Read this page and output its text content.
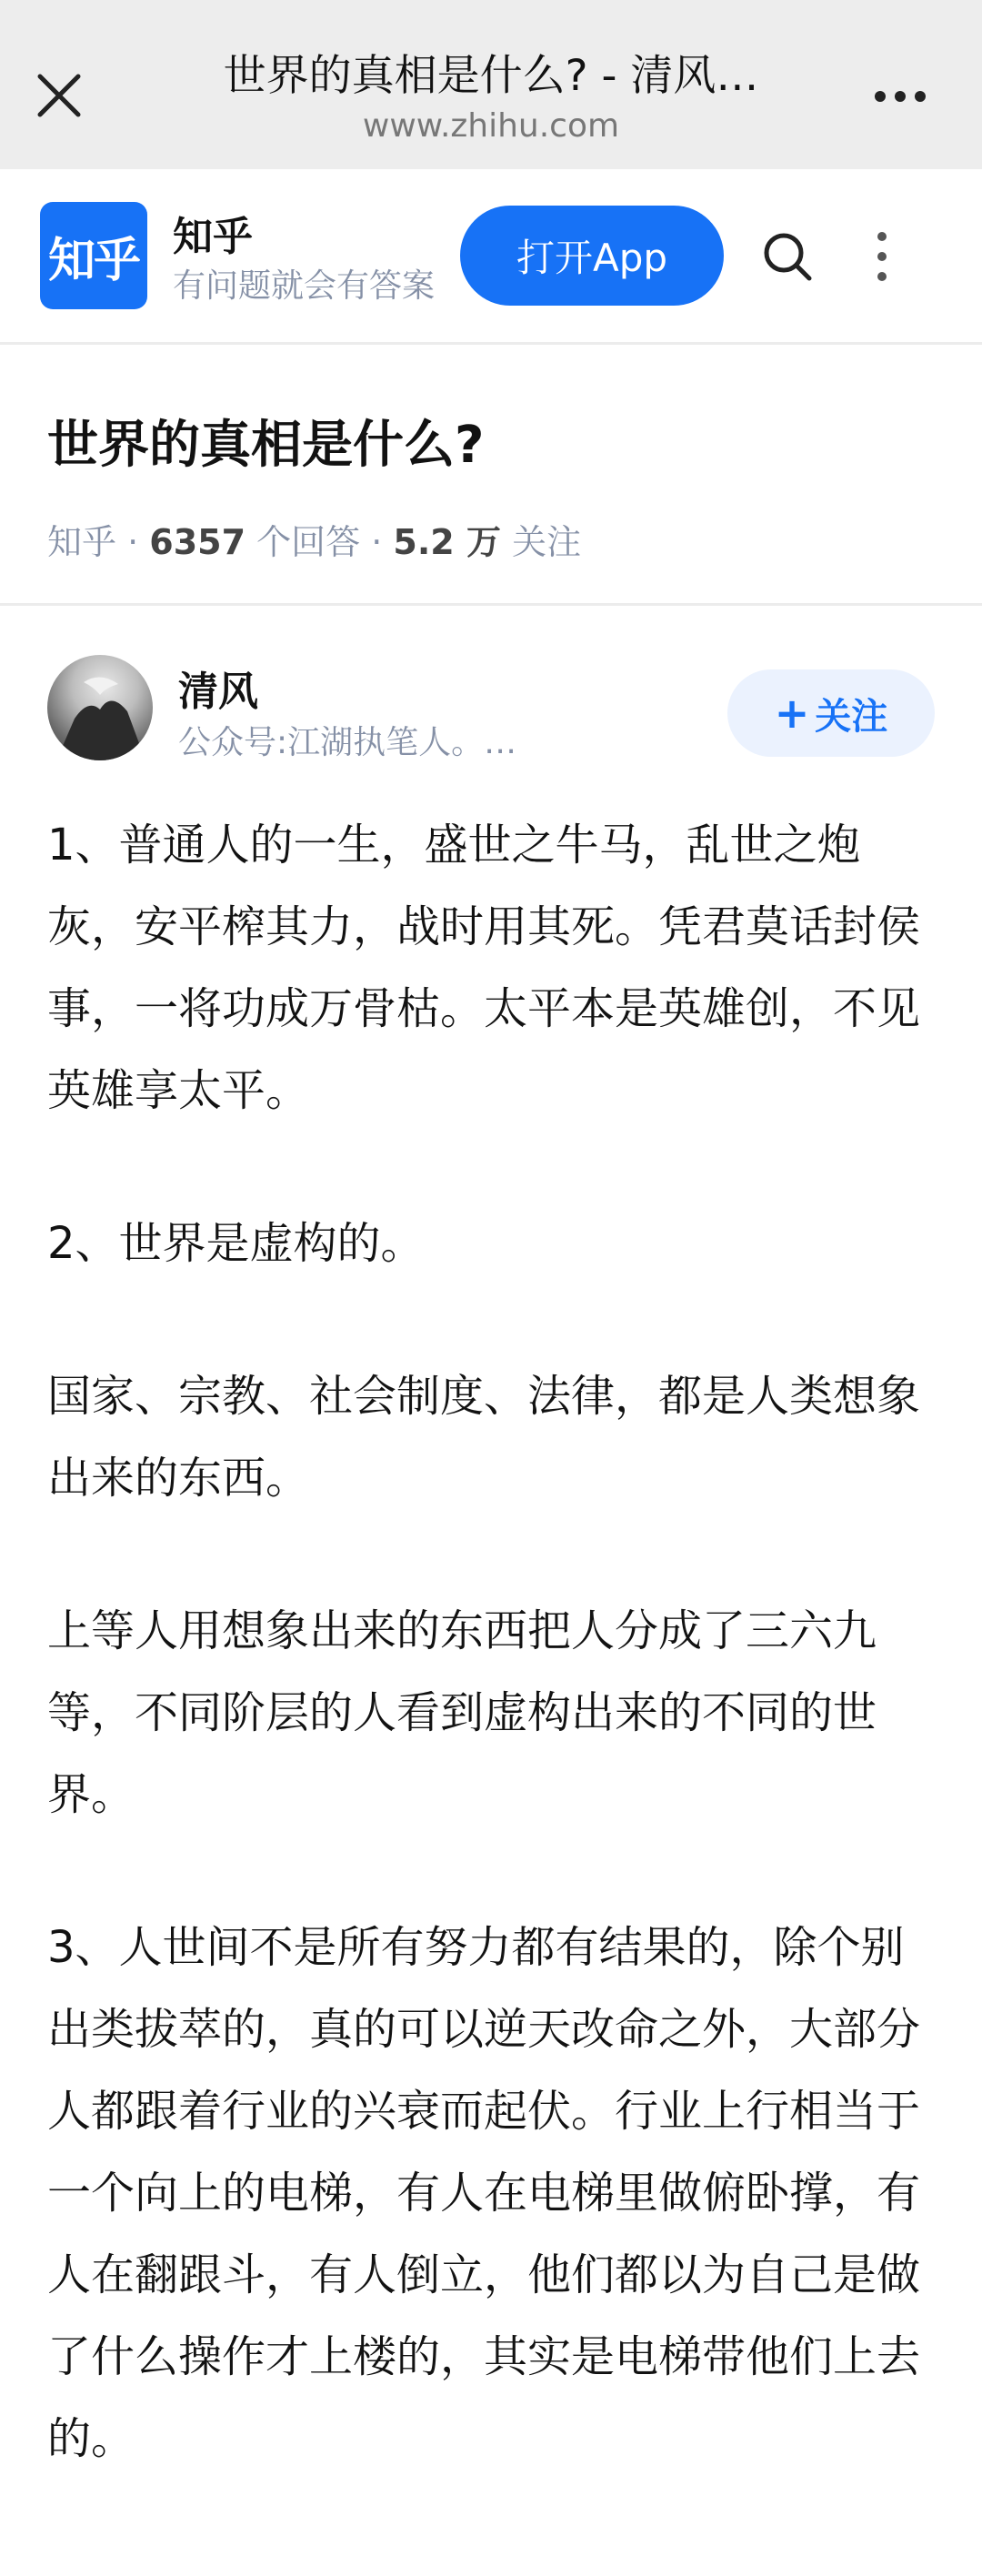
世界的真相是什么? - 清风…
www.zhihu.com
知乎 知乎
有问题就会有答案
打开App
世界的真相是什么?
知乎 · 6357 个回答 · 5.2 万 关注
清风
公众号:江湖执笔人。…
+ 关注

1、普通人的一生，盛世之牛马，乱世之炮灰，安平榨其力，战时用其死。凭君莫话封侯事，一将功成万骨枯。太平本是英雄创，不见英雄享太平。

2、世界是虚构的。

国家、宗教、社会制度、法律，都是人类想象出来的东西。

上等人用想象出来的东西把人分成了三六九等，不同阶层的人看到虚构出来的不同的世界。

3、人世间不是所有努力都有结果的，除个别出类拔萃的，真的可以逆天改命之外，大部分人都跟着行业的兴衰而起伏。行业上行相当于一个向上的电梯，有人在电梯里做俯卧撑，有人在翻跟斗，有人倒立，他们都以为自己是做了什么操作才上楼的，其实是电梯带他们上去的。
